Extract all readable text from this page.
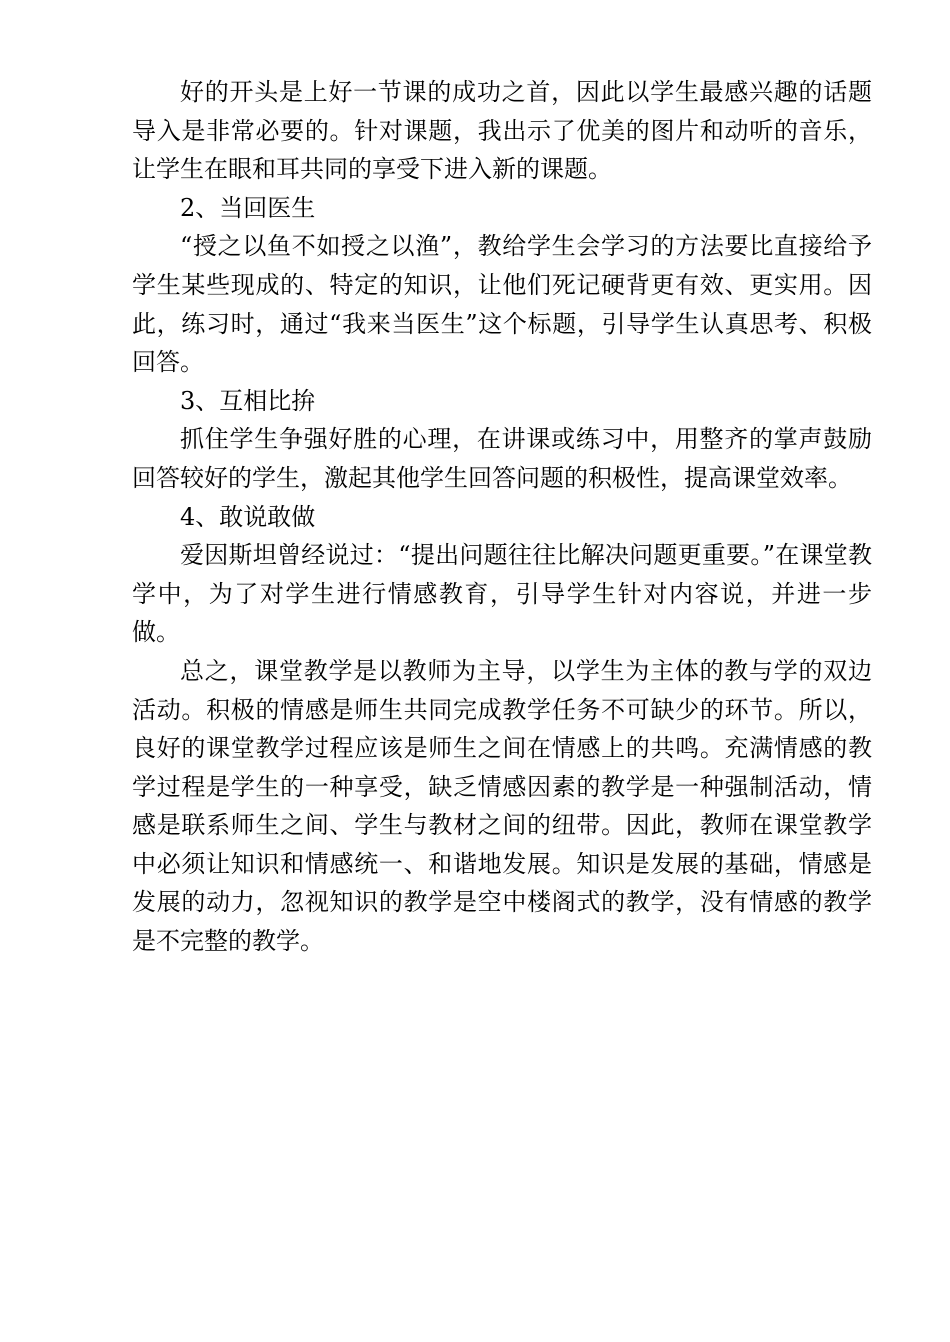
好的开头是上好一节课的成功之首，因此以学生最感兴趣的话题导入是非常必要的。针对课题，我出示了优美的图片和动听的音乐，让学生在眼和耳共同的享受下进入新的课题。

2、当回医生

“授之以鱼不如授之以渔”，教给学生会学习的方法要比直接给予学生某些现成的、特定的知识，让他们死记硬背更有效、更实用。因此，练习时，通过“我来当医生”这个标题，引导学生认真思考、积极回答。

3、互相比拚

抓住学生争强好胜的心理，在讲课或练习中，用整齐的掌声鼓励回答较好的学生，激起其他学生回答问题的积极性，提高课堂效率。

4、敢说敢做

爱因斯坦曾经说过：“提出问题往往比解决问题更重要。”在课堂教学中，为了对学生进行情感教育，引导学生针对内容说，并进一步做。

总之，课堂教学是以教师为主导，以学生为主体的教与学的双边活动。积极的情感是师生共同完成教学任务不可缺少的环节。所以，良好的课堂教学过程应该是师生之间在情感上的共鸣。充满情感的教学过程是学生的一种享受，缺乏情感因素的教学是一种强制活动，情感是联系师生之间、学生与教材之间的纽带。因此，教师在课堂教学中必须让知识和情感统一、和谐地发展。知识是发展的基础，情感是发展的动力，忽视知识的教学是空中楼阁式的教学，没有情感的教学是不完整的教学。
